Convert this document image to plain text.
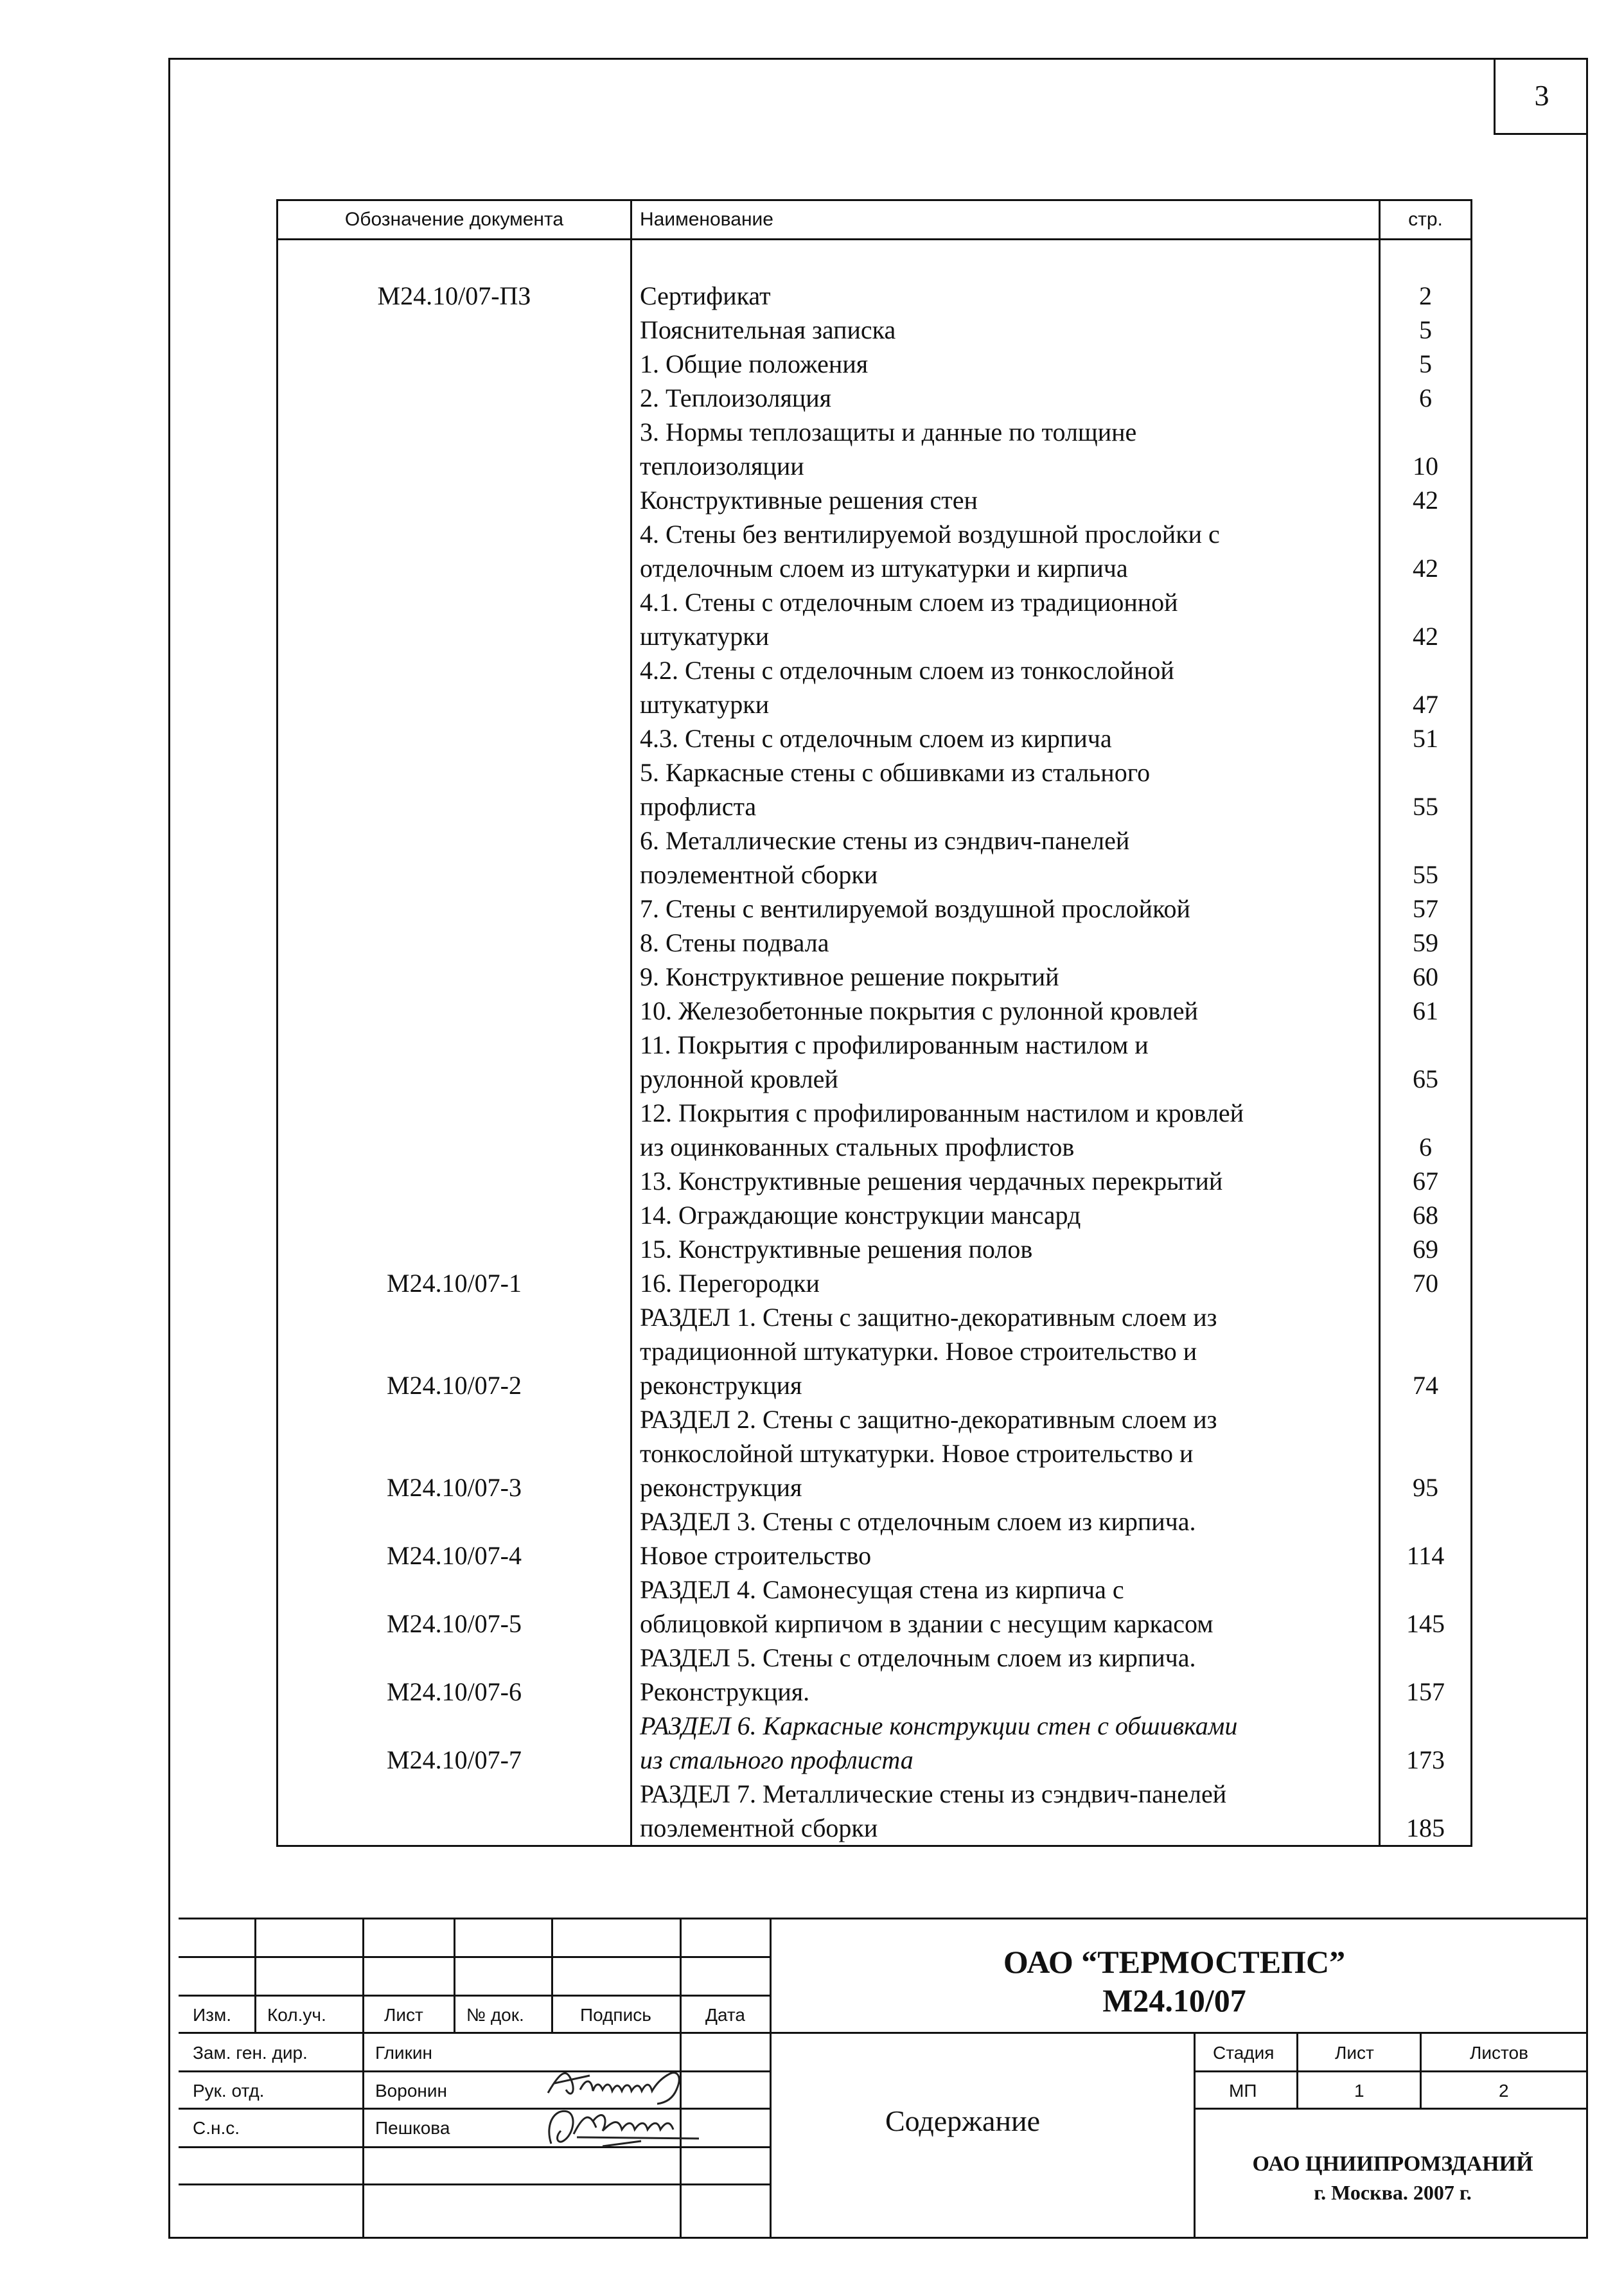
3
Обозначение документа	Наименование	стр.
М24.10/07-ПЗ	Сертификат	2
	Пояснительная записка	5
	1. Общие положения	5
	2. Теплоизоляция	6
	3. Нормы теплозащиты и данные по толщине
теплоизоляции	10
	Конструктивные решения стен	42
	4. Стены без вентилируемой воздушной прослойки с
отделочным слоем из штукатурки и кирпича	42
	4.1. Стены с отделочным слоем из традиционной
штукатурки	42
	4.2. Стены с отделочным слоем из тонкослойной
штукатурки	47
	4.3. Стены с отделочным слоем из кирпича	51
	5. Каркасные стены с обшивками из стального
профлиста	55
	6. Металлические стены из сэндвич-панелей
поэлементной сборки	55
	7. Стены с вентилируемой воздушной прослойкой	57
	8. Стены подвала	59
	9. Конструктивное решение покрытий	60
	10. Железобетонные покрытия с рулонной кровлей	61
	11. Покрытия с профилированным настилом и
рулонной кровлей	65
	12. Покрытия с профилированным настилом и кровлей
из оцинкованных стальных профлистов	6
	13. Конструктивные решения чердачных перекрытий	67
	14. Ограждающие конструкции мансард	68
	15. Конструктивные решения полов	69
М24.10/07-1	16. Перегородки	70
М24.10/07-2	РАЗДЕЛ 1. Стены с защитно-декоративным слоем из
традиционной штукатурки. Новое строительство и
реконструкция	74
М24.10/07-3	РАЗДЕЛ 2. Стены с защитно-декоративным слоем из
тонкослойной штукатурки. Новое строительство и
реконструкция	95
М24.10/07-4	РАЗДЕЛ 3. Стены с отделочным слоем из кирпича.
Новое строительство	114
М24.10/07-5	РАЗДЕЛ 4. Самонесущая стена из кирпича с
облицовкой кирпичом в здании с несущим каркасом	145
М24.10/07-6	РАЗДЕЛ 5. Стены с отделочным слоем из кирпича.
Реконструкция.	157
М24.10/07-7	РАЗДЕЛ 6. Каркасные конструкции стен с обшивками
из стального профлиста	173
	РАЗДЕЛ 7. Металлические стены из сэндвич-панелей
поэлементной сборки	185
Изм. Кол.уч.	Лист № док.	Подпись	Дата
Зам. ген. дир.	Гликин
Рук. отд.	Воронин
С.н.с.	Пешкова
ОАО “ТЕРМОСТЕПС”
М24.10/07
Содержание
Стадия	Лист	Листов
МП	1	2
ОАО ЦНИИПРОМЗДАНИЙ
г. Москва. 2007 г.
